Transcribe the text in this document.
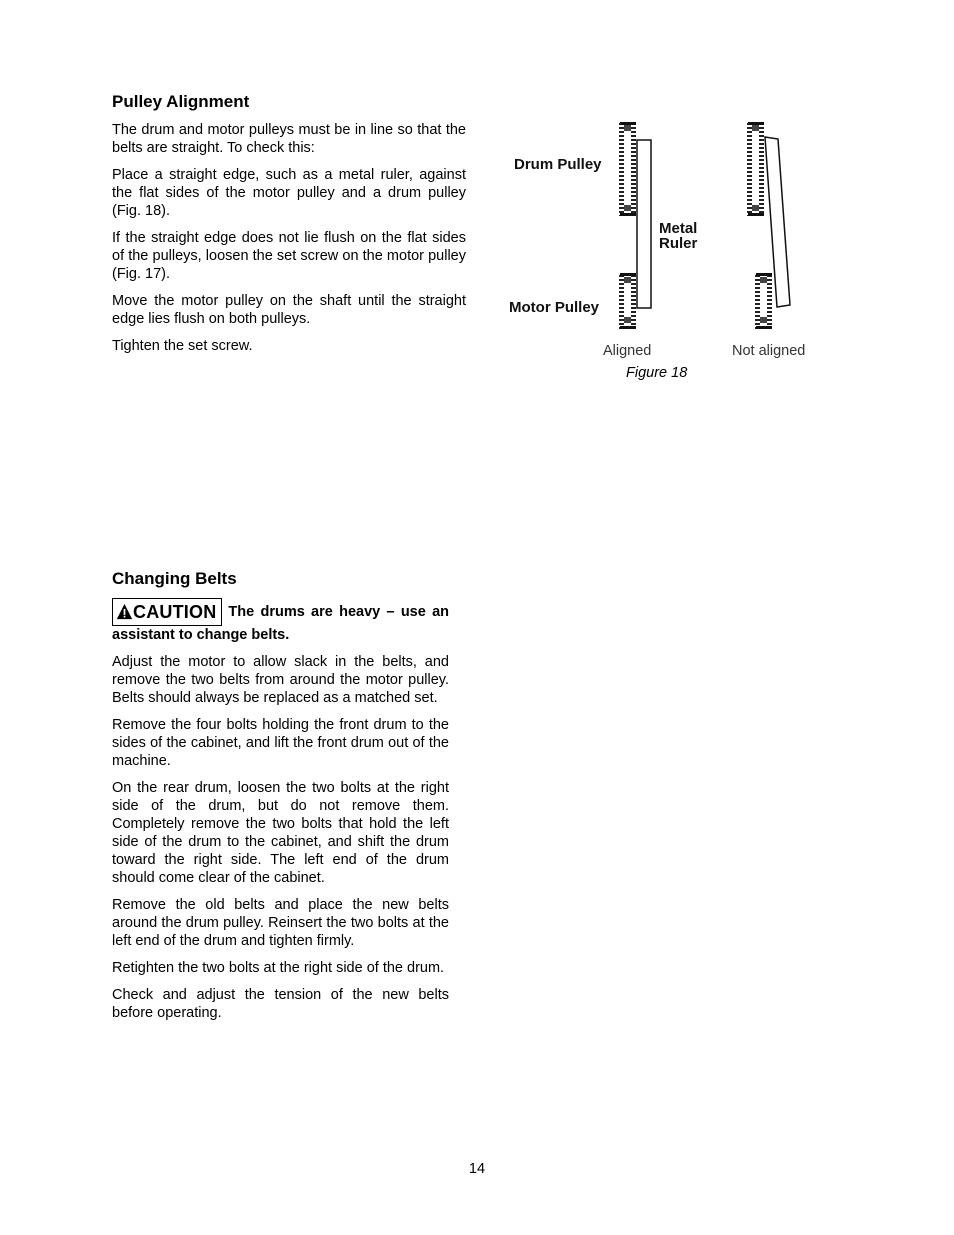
Pulley Alignment

The drum and motor pulleys must be in line so that the belts are straight. To check this:

Place a straight edge, such as a metal ruler, against the flat sides of the motor pulley and a drum pulley (Fig. 18).

If the straight edge does not lie flush on the flat sides of the pulleys, loosen the set screw on the motor pulley (Fig. 17).

Move the motor pulley on the shaft until the straight edge lies flush on both pulleys.

Tighten the set screw.

Drum Pulley
Metal
Ruler
Motor Pulley
Aligned	Not aligned
Figure 18
Changing Belts

CAUTION The drums are heavy – use an assistant to change belts.

Adjust the motor to allow slack in the belts, and remove the two belts from around the motor pulley. Belts should always be replaced as a matched set.

Remove the four bolts holding the front drum to the sides of the cabinet, and lift the front drum out of the machine.

On the rear drum, loosen the two bolts at the right side of the drum, but do not remove them. Completely remove the two bolts that hold the left side of the drum to the cabinet, and shift the drum toward the right side. The left end of the drum should come clear of the cabinet.

Remove the old belts and place the new belts around the drum pulley. Reinsert the two bolts at the left end of the drum and tighten firmly.

Retighten the two bolts at the right side of the drum.

Check and adjust the tension of the new belts before operating.

14
